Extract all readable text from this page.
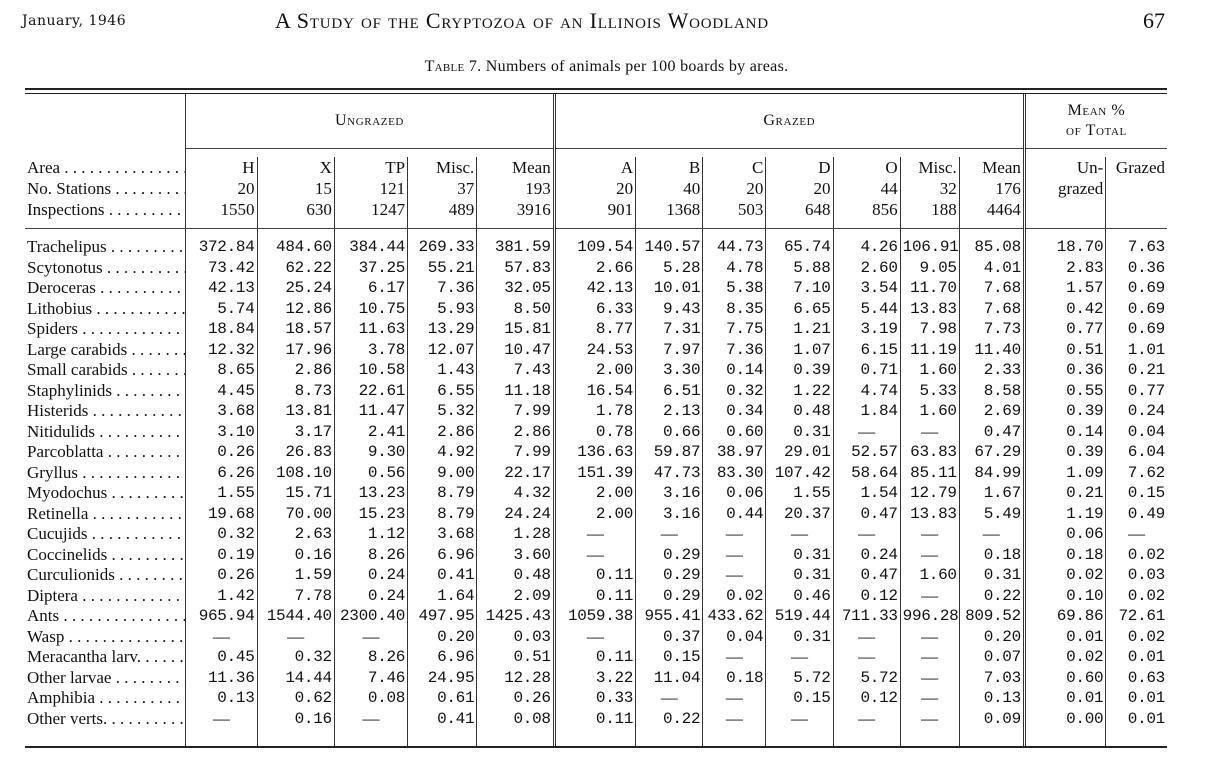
January, 1946	A Study of the Cryptozoa of an Illinois Woodland	67
Table 7. Numbers of animals per 100 boards by areas.
	Ungrazed					Grazed							Mean %
of Total	

Area . . .	H	X	TP	Misc.	Mean	A	B	C	D	O	Misc.	Mean	Un-	Grazed
No. Stations . . .	20	15	121	37	193	20	40	20	20	44	32	176	grazed	
Inspections . . .	1550	630	1247	489	3916	901	1368	503	648	856	188	4464		

Trachelipus . . .	372.84	484.60	384.44	269.33	381.59	109.54	140.57	44.73	65.74	4.26	106.91	85.08	18.70	7.63
Scytonotus . . .	73.42	62.22	37.25	55.21	57.83	2.66	5.28	4.78	5.88	2.60	9.05	4.01	2.83	0.36
Deroceras . . .	42.13	25.24	6.17	7.36	32.05	42.13	10.01	5.38	7.10	3.54	11.70	7.68	1.57	0.69
Lithobius . . .	5.74	12.86	10.75	5.93	8.50	6.33	9.43	8.35	6.65	5.44	13.83	7.68	0.42	0.69
Spiders . . .	18.84	18.57	11.63	13.29	15.81	8.77	7.31	7.75	1.21	3.19	7.98	7.73	0.77	0.69
Large carabids . . .	12.32	17.96	3.78	12.07	10.47	24.53	7.97	7.36	1.07	6.15	11.19	11.40	0.51	1.01
Small carabids . . .	8.65	2.86	10.58	1.43	7.43	2.00	3.30	0.14	0.39	0.71	1.60	2.33	0.36	0.21
Staphylinids . . .	4.45	8.73	22.61	6.55	11.18	16.54	6.51	0.32	1.22	4.74	5.33	8.58	0.55	0.77
Histerids . . .	3.68	13.81	11.47	5.32	7.99	1.78	2.13	0.34	0.48	1.84	1.60	2.69	0.39	0.24
Nitidulids . . .	3.10	3.17	2.41	2.86	2.86	0.78	0.66	0.60	0.31	—	—	0.47	0.14	0.04
Parcoblatta . . .	0.26	26.83	9.30	4.92	7.99	136.63	59.87	38.97	29.01	52.57	63.83	67.29	0.39	6.04
Gryllus . . .	6.26	108.10	0.56	9.00	22.17	151.39	47.73	83.30	107.42	58.64	85.11	84.99	1.09	7.62
Myodochus . . .	1.55	15.71	13.23	8.79	4.32	2.00	3.16	0.06	1.55	1.54	12.79	1.67	0.21	0.15
Retinella . . .	19.68	70.00	15.23	8.79	24.24	2.00	3.16	0.44	20.37	0.47	13.83	5.49	1.19	0.49
Cucujids . . .	0.32	2.63	1.12	3.68	1.28	—	—	—	—	—	—	—	0.06	—
Coccinelids . . .	0.19	0.16	8.26	6.96	3.60	—	0.29	—	0.31	0.24	—	0.18	0.18	0.02
Curculionids . . .	0.26	1.59	0.24	0.41	0.48	0.11	0.29	—	0.31	0.47	1.60	0.31	0.02	0.03
Diptera . . .	1.42	7.78	0.24	1.64	2.09	0.11	0.29	0.02	0.46	0.12	—	0.22	0.10	0.02
Ants . . .	965.94	1544.40	2300.40	497.95	1425.43	1059.38	955.41	433.62	519.44	711.33	996.28	809.52	69.86	72.61
Wasp . . .	—	—	—	0.20	0.03	—	0.37	0.04	0.31	—	—	0.20	0.01	0.02
Meracantha larv. . . .	0.45	0.32	8.26	6.96	0.51	0.11	0.15	—	—	—	—	0.07	0.02	0.01
Other larvae . . .	11.36	14.44	7.46	24.95	12.28	3.22	11.04	0.18	5.72	5.72	—	7.03	0.60	0.63
Amphibia . . .	0.13	0.62	0.08	0.61	0.26	0.33	—	—	0.15	0.12	—	0.13	0.01	0.01
Other verts. . . .	—	0.16	—	0.41	0.08	0.11	0.22	—	—	—	—	0.09	0.00	0.01
